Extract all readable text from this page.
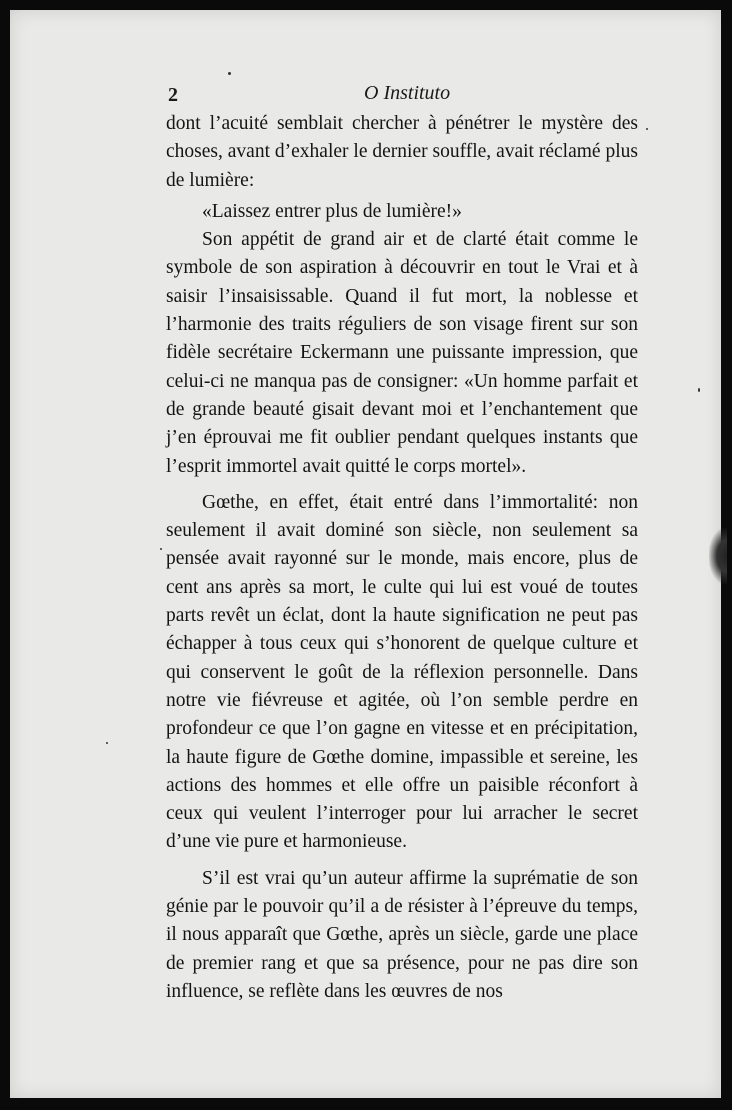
2	O Instituto

dont l’acuité semblait chercher à pénétrer le mystère des choses, avant d’exhaler le dernier souffle, avait réclamé plus de lumière:

«Laissez entrer plus de lumière!»

Son appétit de grand air et de clarté était comme le symbole de son aspiration à découvrir en tout le Vrai et à saisir l’insaisissable. Quand il fut mort, la noblesse et l’harmonie des traits réguliers de son visage firent sur son fidèle secrétaire Eckermann une puissante impression, que celui-ci ne manqua pas de consigner: «Un homme parfait et de grande beauté gisait devant moi et l’enchantement que j’en éprouvai me fit oublier pendant quelques instants que l’esprit immortel avait quitté le corps mortel».

Gœthe, en effet, était entré dans l’immortalité: non seulement il avait dominé son siècle, non seulement sa pensée avait rayonné sur le monde, mais encore, plus de cent ans après sa mort, le culte qui lui est voué de toutes parts revêt un éclat, dont la haute signification ne peut pas échapper à tous ceux qui s’honorent de quelque culture et qui conservent le goût de la réflexion personnelle. Dans notre vie fiévreuse et agitée, où l’on semble perdre en profondeur ce que l’on gagne en vitesse et en précipitation, la haute figure de Gœthe domine, impassible et sereine, les actions des hommes et elle offre un paisible réconfort à ceux qui veulent l’interroger pour lui arracher le secret d’une vie pure et harmonieuse.

S’il est vrai qu’un auteur affirme la suprématie de son génie par le pouvoir qu’il a de résister à l’épreuve du temps, il nous apparaît que Gœthe, après un siècle, garde une place de premier rang et que sa présence, pour ne pas dire son influence, se reflète dans les œuvres de nos
